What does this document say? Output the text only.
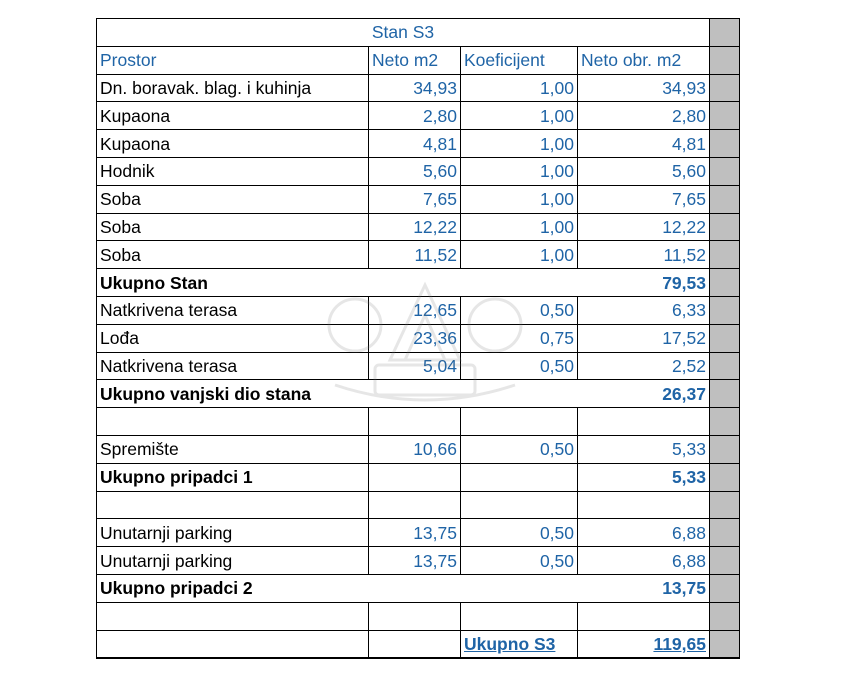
Stan S3				
Prostor	Neto m2	Koeficijent	Neto obr. m2	
Dn. boravak. blag. i kuhinja	34,93	1,00	34,93	
Kupaona	2,80	1,00	2,80	
Kupaona	4,81	1,00	4,81	
Hodnik	5,60	1,00	5,60	
Soba	7,65	1,00	7,65	
Soba	12,22	1,00	12,22	
Soba	11,52	1,00	11,52	
Ukupno Stan			79,53	
Natkrivena terasa	12,65	0,50	6,33	
Lođa	23,36	0,75	17,52	
Natkrivena terasa	5,04	0,50	2,52	
Ukupno vanjski dio stana			26,37	

Spremište	10,66	0,50	5,33	
Ukupno pripadci 1			5,33	

Unutarnji parking	13,75	0,50	6,88	
Unutarnji parking	13,75	0,50	6,88	
Ukupno pripadci 2			13,75	

		Ukupno S3	119,65	
